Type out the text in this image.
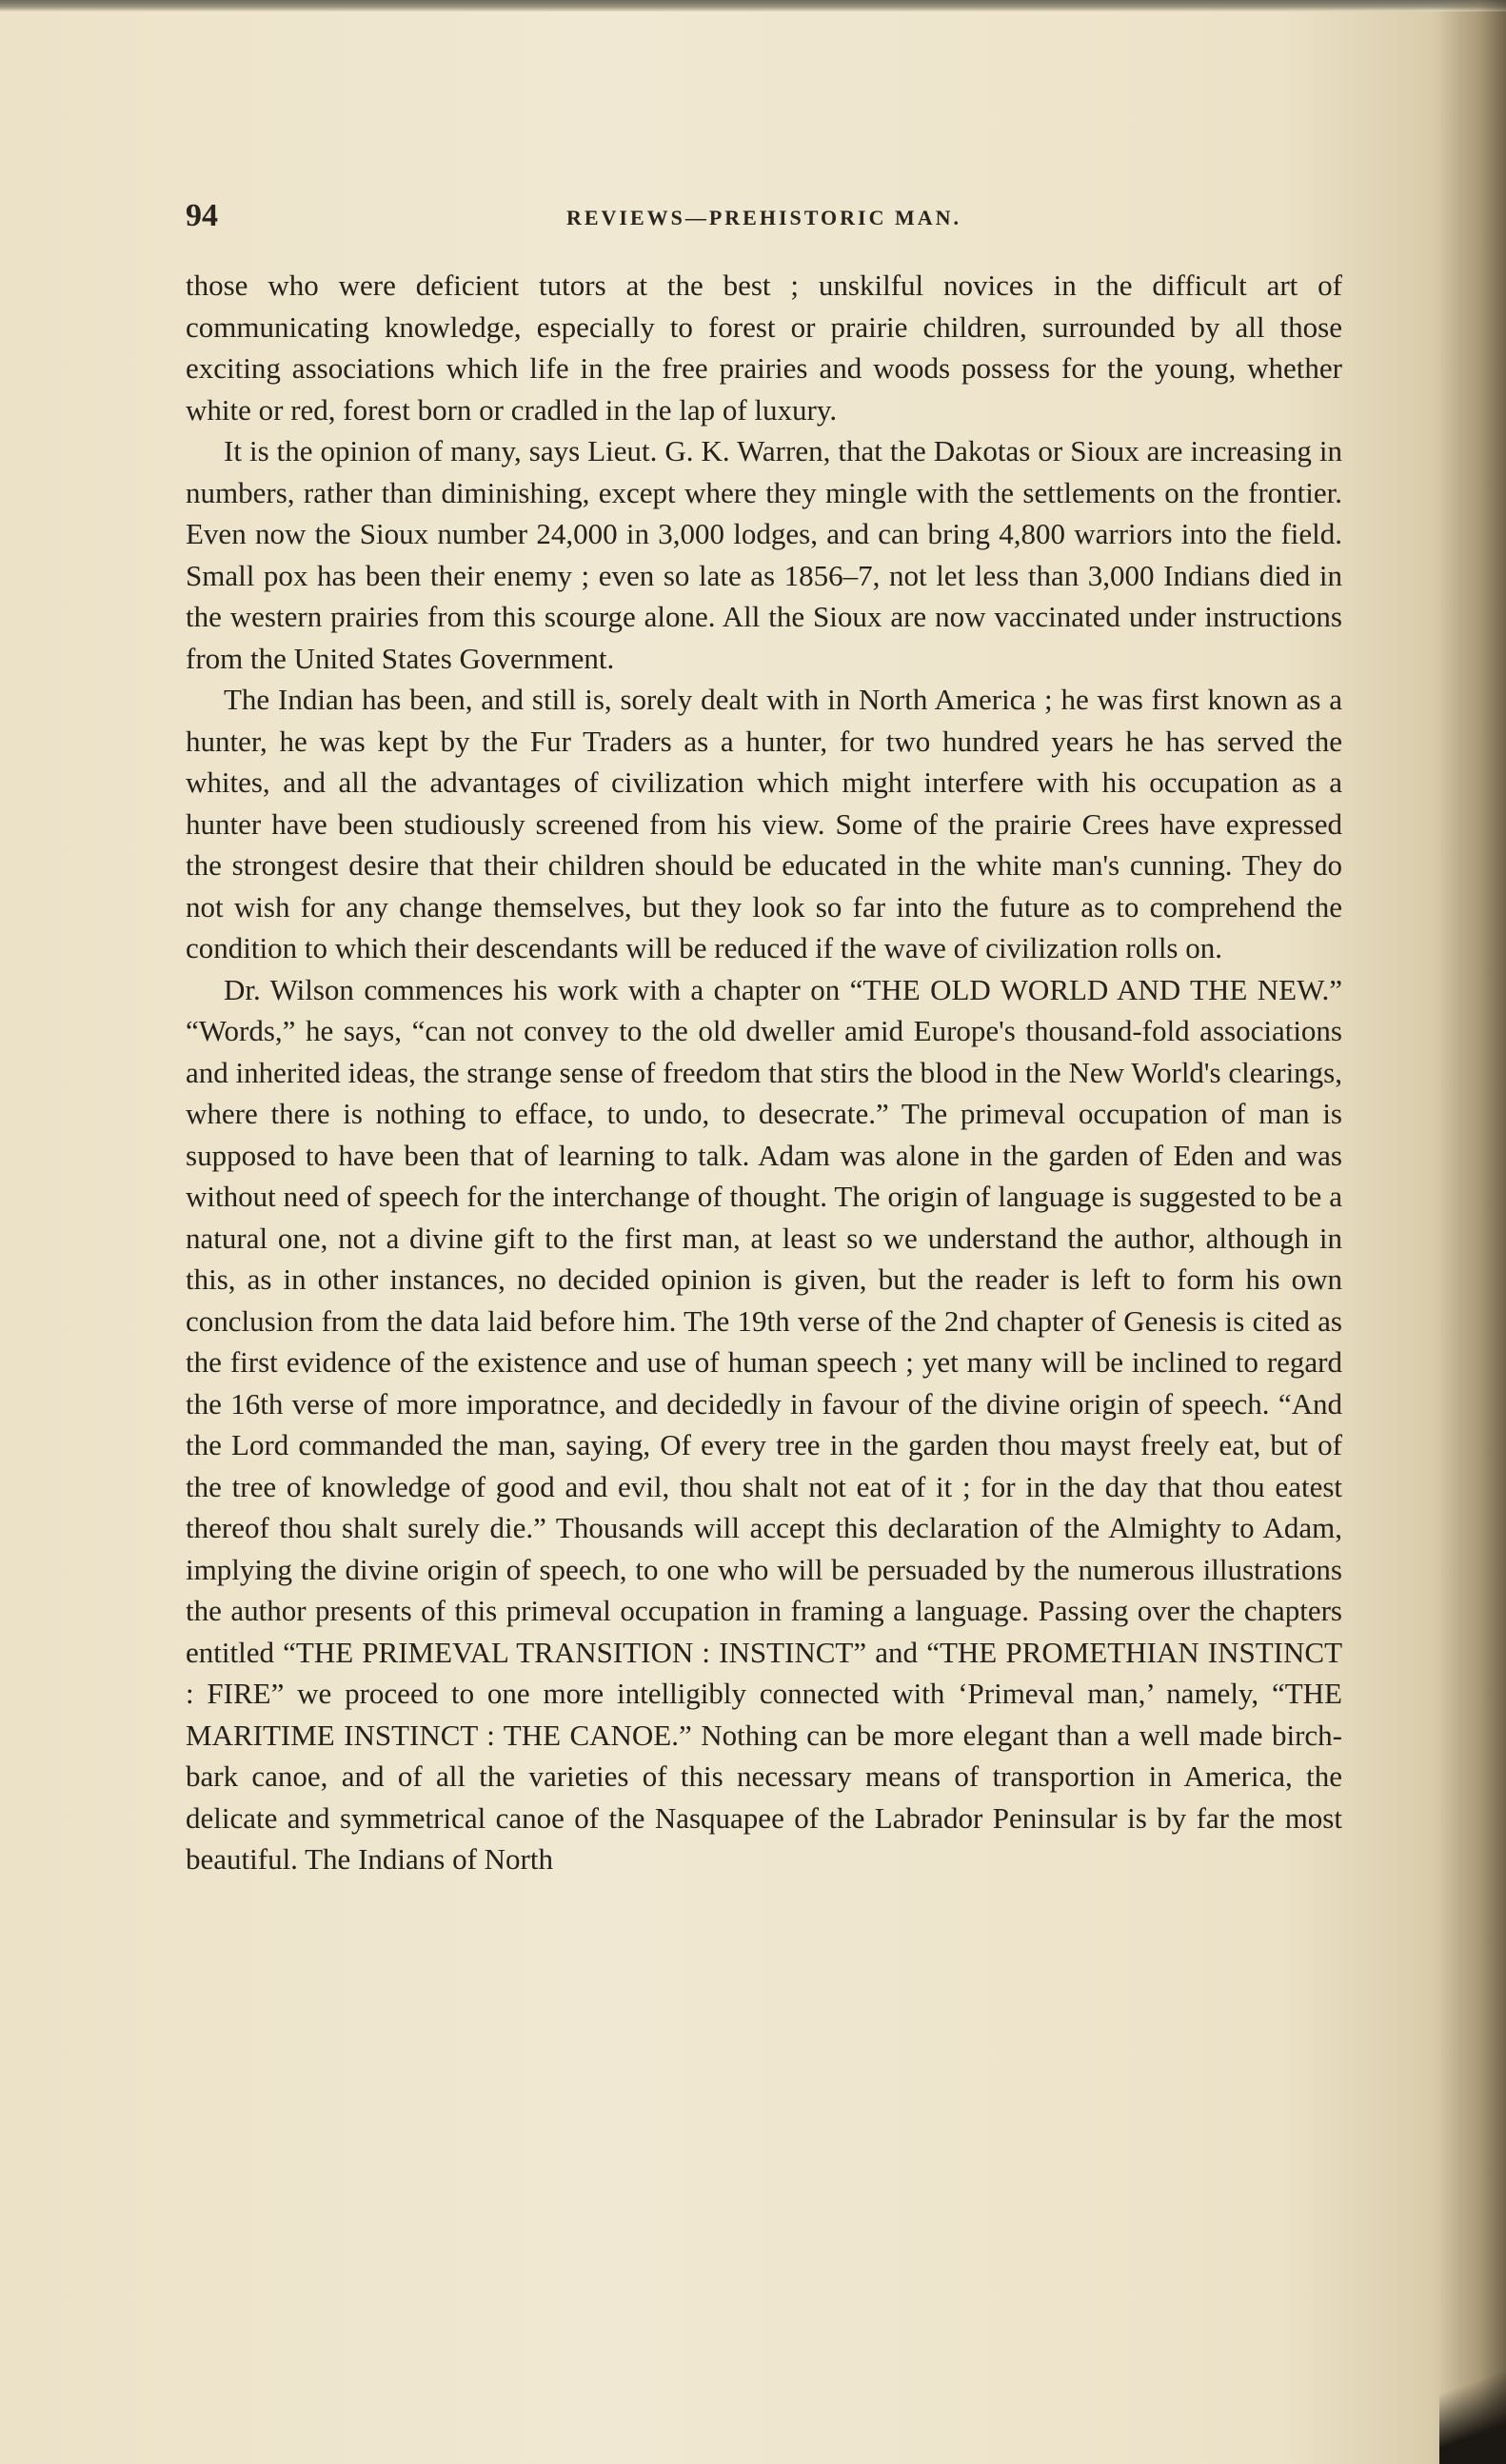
94	REVIEWS—PREHISTORIC MAN.

those who were deficient tutors at the best ; unskilful novices in the difficult art of communicating knowledge, especially to forest or prairie children, surrounded by all those exciting associations which life in the free prairies and woods possess for the young, whether white or red, forest born or cradled in the lap of luxury.

It is the opinion of many, says Lieut. G. K. Warren, that the Dakotas or Sioux are increasing in numbers, rather than diminishing, except where they mingle with the settlements on the frontier. Even now the Sioux number 24,000 in 3,000 lodges, and can bring 4,800 warriors into the field. Small pox has been their enemy ; even so late as 1856–7, not let less than 3,000 Indians died in the western prairies from this scourge alone. All the Sioux are now vaccinated under instructions from the United States Government.

The Indian has been, and still is, sorely dealt with in North America ; he was first known as a hunter, he was kept by the Fur Traders as a hunter, for two hundred years he has served the whites, and all the advantages of civilization which might interfere with his occupation as a hunter have been studiously screened from his view. Some of the prairie Crees have expressed the strongest desire that their children should be educated in the white man's cunning. They do not wish for any change themselves, but they look so far into the future as to comprehend the condition to which their descendants will be reduced if the wave of civilization rolls on.

Dr. Wilson commences his work with a chapter on “THE OLD WORLD AND THE NEW.” “Words,” he says, “can not convey to the old dweller amid Europe's thousand-fold associations and inherited ideas, the strange sense of freedom that stirs the blood in the New World's clearings, where there is nothing to efface, to undo, to desecrate.” The primeval occupation of man is supposed to have been that of learning to talk. Adam was alone in the garden of Eden and was without need of speech for the interchange of thought. The origin of language is suggested to be a natural one, not a divine gift to the first man, at least so we understand the author, although in this, as in other instances, no decided opinion is given, but the reader is left to form his own conclusion from the data laid before him. The 19th verse of the 2nd chapter of Genesis is cited as the first evidence of the existence and use of human speech ; yet many will be inclined to regard the 16th verse of more imporatnce, and decidedly in favour of the divine origin of speech. “And the Lord commanded the man, saying, Of every tree in the garden thou mayst freely eat, but of the tree of knowledge of good and evil, thou shalt not eat of it ; for in the day that thou eatest thereof thou shalt surely die.” Thousands will accept this declaration of the Almighty to Adam, implying the divine origin of speech, to one who will be persuaded by the numerous illustrations the author presents of this primeval occupation in framing a language. Passing over the chapters entitled “THE PRIMEVAL TRANSITION : INSTINCT” and “THE PROMETHIAN INSTINCT : FIRE” we proceed to one more intelligibly connected with ‘Primeval man,’ namely, “THE MARITIME INSTINCT : THE CANOE.” Nothing can be more elegant than a well made birch-bark canoe, and of all the varieties of this necessary means of transportion in America, the delicate and symmetrical canoe of the Nasquapee of the Labrador Peninsular is by far the most beautiful. The Indians of North
